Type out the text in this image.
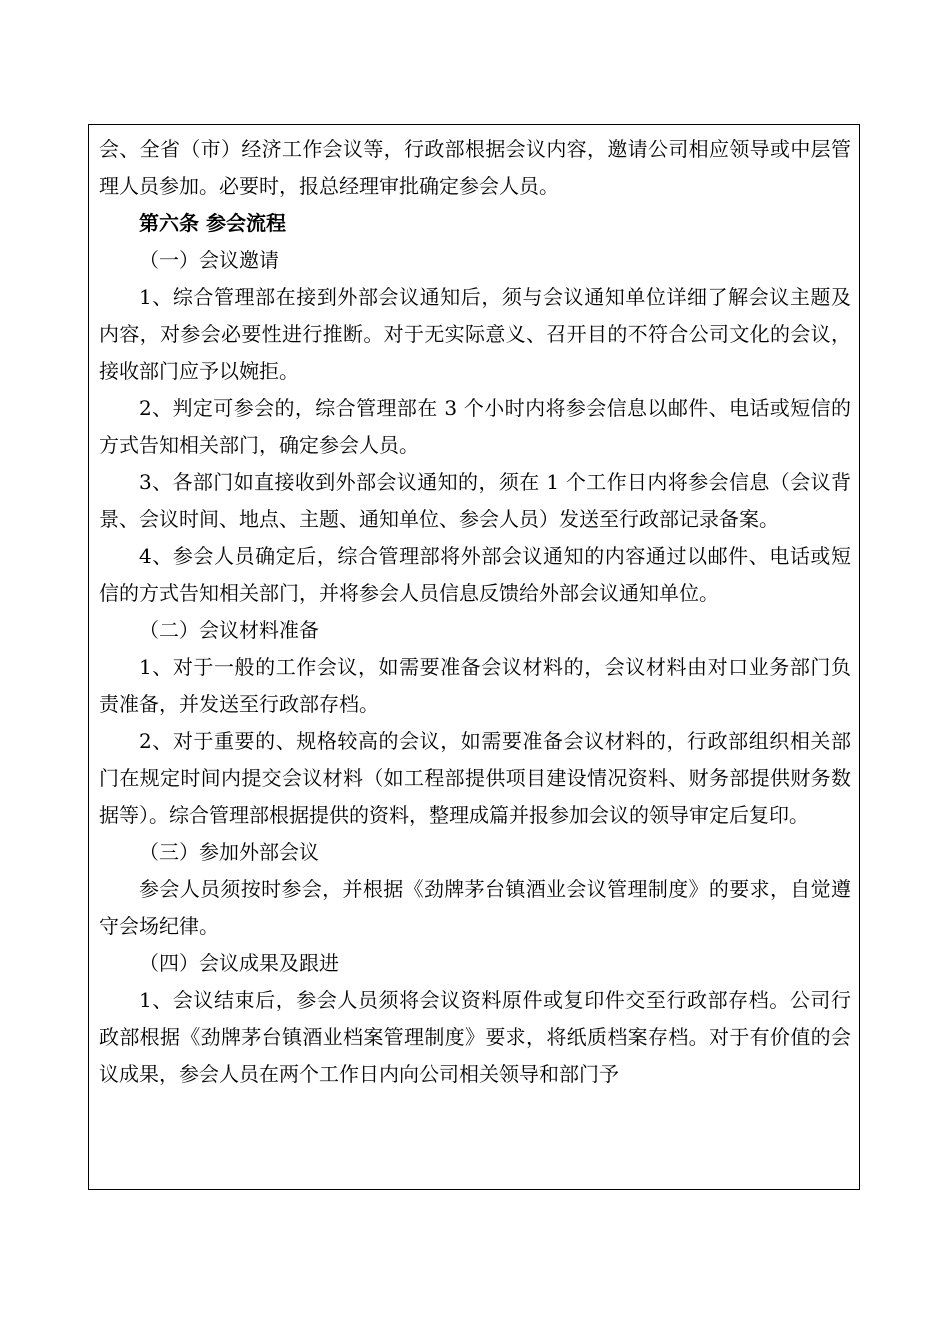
会、全省（市）经济工作会议等，行政部根据会议内容，邀请公司相应领导或中层管理人员参加。必要时，报总经理审批确定参会人员。

第六条 参会流程

（一）会议邀请

1、综合管理部在接到外部会议通知后，须与会议通知单位详细了解会议主题及内容，对参会必要性进行推断。对于无实际意义、召开目的不符合公司文化的会议，接收部门应予以婉拒。

2、判定可参会的，综合管理部在 3 个小时内将参会信息以邮件、电话或短信的方式告知相关部门，确定参会人员。

3、各部门如直接收到外部会议通知的，须在 1 个工作日内将参会信息（会议背景、会议时间、地点、主题、通知单位、参会人员）发送至行政部记录备案。

4、参会人员确定后，综合管理部将外部会议通知的内容通过以邮件、电话或短信的方式告知相关部门，并将参会人员信息反馈给外部会议通知单位。

（二）会议材料准备

1、对于一般的工作会议，如需要准备会议材料的，会议材料由对口业务部门负责准备，并发送至行政部存档。

2、对于重要的、规格较高的会议，如需要准备会议材料的，行政部组织相关部门在规定时间内提交会议材料（如工程部提供项目建设情况资料、财务部提供财务数据等）。综合管理部根据提供的资料，整理成篇并报参加会议的领导审定后复印。

（三）参加外部会议

参会人员须按时参会，并根据《劲牌茅台镇酒业会议管理制度》的要求，自觉遵守会场纪律。

（四）会议成果及跟进

1、会议结束后，参会人员须将会议资料原件或复印件交至行政部存档。公司行政部根据《劲牌茅台镇酒业档案管理制度》要求，将纸质档案存档。对于有价值的会议成果，参会人员在两个工作日内向公司相关领导和部门予
